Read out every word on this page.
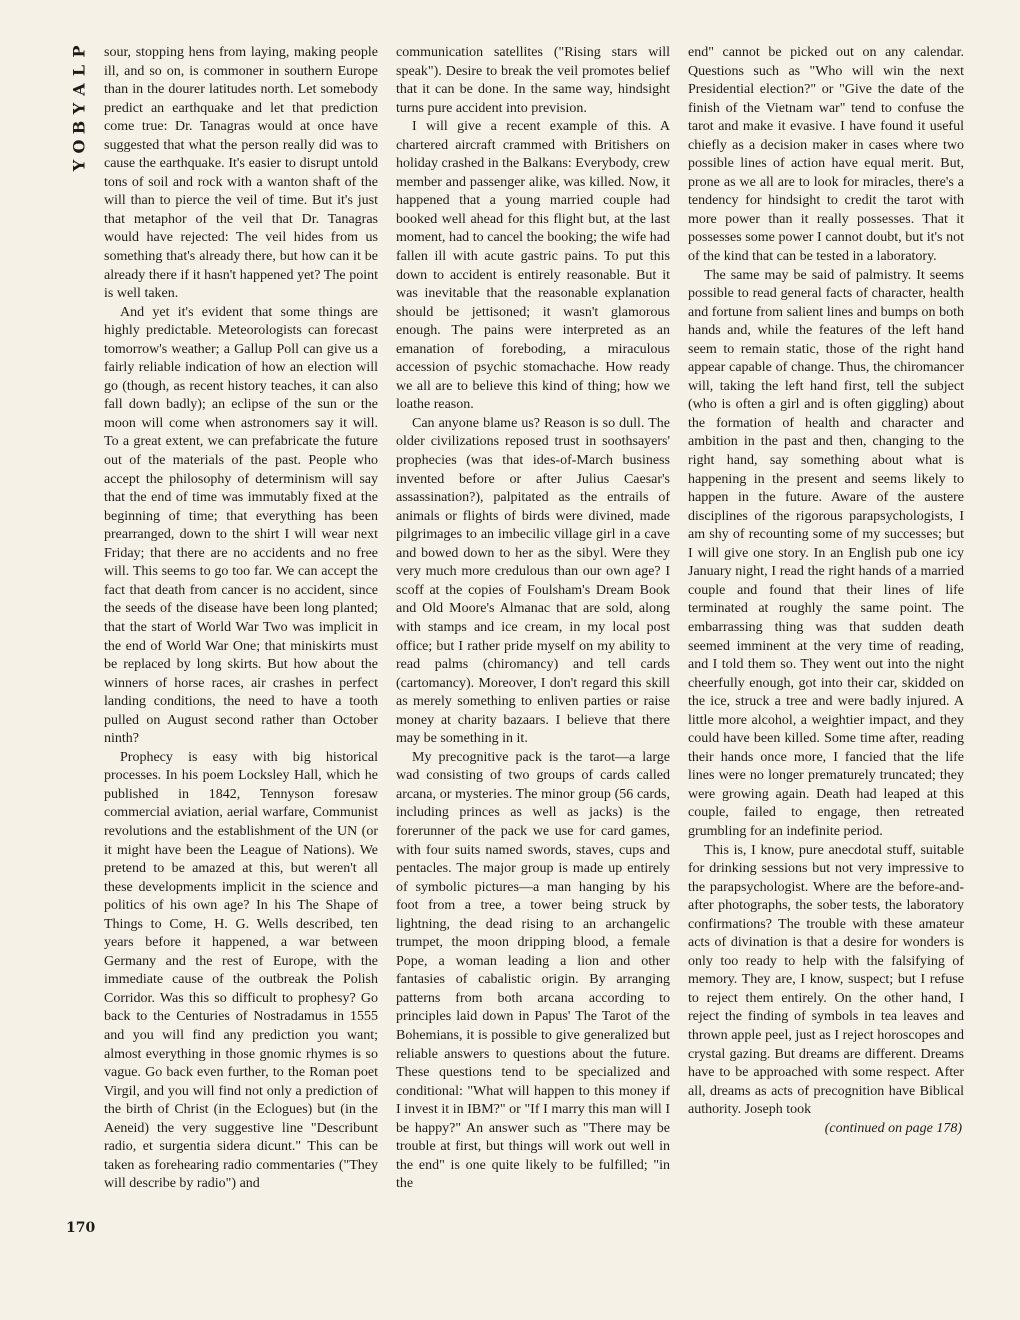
P
L
A
Y
B
O
Y

sour, stopping hens from laying, making people ill, and so on, is commoner in southern Europe than in the dourer latitudes north. Let somebody predict an earthquake and let that prediction come true: Dr. Tanagras would at once have suggested that what the person really did was to cause the earthquake. It's easier to disrupt untold tons of soil and rock with a wanton shaft of the will than to pierce the veil of time. But it's just that metaphor of the veil that Dr. Tanagras would have rejected: The veil hides from us something that's already there, but how can it be already there if it hasn't happened yet? The point is well taken.

And yet it's evident that some things are highly predictable. Meteorologists can forecast tomorrow's weather; a Gallup Poll can give us a fairly reliable indication of how an election will go (though, as recent history teaches, it can also fall down badly); an eclipse of the sun or the moon will come when astronomers say it will. To a great extent, we can prefabricate the future out of the materials of the past. People who accept the philosophy of determinism will say that the end of time was immutably fixed at the beginning of time; that everything has been prearranged, down to the shirt I will wear next Friday; that there are no accidents and no free will. This seems to go too far. We can accept the fact that death from cancer is no accident, since the seeds of the disease have been long planted; that the start of World War Two was implicit in the end of World War One; that miniskirts must be replaced by long skirts. But how about the winners of horse races, air crashes in perfect landing conditions, the need to have a tooth pulled on August second rather than October ninth?

Prophecy is easy with big historical processes. In his poem Locksley Hall, which he published in 1842, Tennyson foresaw commercial aviation, aerial warfare, Communist revolutions and the establishment of the UN (or it might have been the League of Nations). We pretend to be amazed at this, but weren't all these developments implicit in the science and politics of his own age? In his The Shape of Things to Come, H. G. Wells described, ten years before it happened, a war between Germany and the rest of Europe, with the immediate cause of the outbreak the Polish Corridor. Was this so difficult to prophesy? Go back to the Centuries of Nostradamus in 1555 and you will find any prediction you want; almost everything in those gnomic rhymes is so vague. Go back even further, to the Roman poet Virgil, and you will find not only a prediction of the birth of Christ (in the Eclogues) but (in the Aeneid) the very suggestive line "Describunt radio, et surgentia sidera dicunt." This can be taken as forehearing radio commentaries ("They will describe by radio") and

communication satellites ("Rising stars will speak"). Desire to break the veil promotes belief that it can be done. In the same way, hindsight turns pure accident into prevision.

I will give a recent example of this. A chartered aircraft crammed with Britishers on holiday crashed in the Balkans: Everybody, crew member and passenger alike, was killed. Now, it happened that a young married couple had booked well ahead for this flight but, at the last moment, had to cancel the booking; the wife had fallen ill with acute gastric pains. To put this down to accident is entirely reasonable. But it was inevitable that the reasonable explanation should be jettisoned; it wasn't glamorous enough. The pains were interpreted as an emanation of foreboding, a miraculous accession of psychic stomachache. How ready we all are to believe this kind of thing; how we loathe reason.

Can anyone blame us? Reason is so dull. The older civilizations reposed trust in soothsayers' prophecies (was that ides-of-March business invented before or after Julius Caesar's assassination?), palpitated as the entrails of animals or flights of birds were divined, made pilgrimages to an imbecilic village girl in a cave and bowed down to her as the sibyl. Were they very much more credulous than our own age? I scoff at the copies of Foulsham's Dream Book and Old Moore's Almanac that are sold, along with stamps and ice cream, in my local post office; but I rather pride myself on my ability to read palms (chiromancy) and tell cards (cartomancy). Moreover, I don't regard this skill as merely something to enliven parties or raise money at charity bazaars. I believe that there may be something in it.

My precognitive pack is the tarot—a large wad consisting of two groups of cards called arcana, or mysteries. The minor group (56 cards, including princes as well as jacks) is the forerunner of the pack we use for card games, with four suits named swords, staves, cups and pentacles. The major group is made up entirely of symbolic pictures—a man hanging by his foot from a tree, a tower being struck by lightning, the dead rising to an archangelic trumpet, the moon dripping blood, a female Pope, a woman leading a lion and other fantasies of cabalistic origin. By arranging patterns from both arcana according to principles laid down in Papus' The Tarot of the Bohemians, it is possible to give generalized but reliable answers to questions about the future. These questions tend to be specialized and conditional: "What will happen to this money if I invest it in IBM?" or "If I marry this man will I be happy?" An answer such as "There may be trouble at first, but things will work out well in the end" is one quite likely to be fulfilled; "in the

end" cannot be picked out on any calendar. Questions such as "Who will win the next Presidential election?" or "Give the date of the finish of the Vietnam war" tend to confuse the tarot and make it evasive. I have found it useful chiefly as a decision maker in cases where two possible lines of action have equal merit. But, prone as we all are to look for miracles, there's a tendency for hindsight to credit the tarot with more power than it really possesses. That it possesses some power I cannot doubt, but it's not of the kind that can be tested in a laboratory.

The same may be said of palmistry. It seems possible to read general facts of character, health and fortune from salient lines and bumps on both hands and, while the features of the left hand seem to remain static, those of the right hand appear capable of change. Thus, the chiromancer will, taking the left hand first, tell the subject (who is often a girl and is often giggling) about the formation of health and character and ambition in the past and then, changing to the right hand, say something about what is happening in the present and seems likely to happen in the future. Aware of the austere disciplines of the rigorous parapsychologists, I am shy of recounting some of my successes; but I will give one story. In an English pub one icy January night, I read the right hands of a married couple and found that their lines of life terminated at roughly the same point. The embarrassing thing was that sudden death seemed imminent at the very time of reading, and I told them so. They went out into the night cheerfully enough, got into their car, skidded on the ice, struck a tree and were badly injured. A little more alcohol, a weightier impact, and they could have been killed. Some time after, reading their hands once more, I fancied that the life lines were no longer prematurely truncated; they were growing again. Death had leaped at this couple, failed to engage, then retreated grumbling for an indefinite period.

This is, I know, pure anecdotal stuff, suitable for drinking sessions but not very impressive to the parapsychologist. Where are the before-and-after photographs, the sober tests, the laboratory confirmations? The trouble with these amateur acts of divination is that a desire for wonders is only too ready to help with the falsifying of memory. They are, I know, suspect; but I refuse to reject them entirely. On the other hand, I reject the finding of symbols in tea leaves and thrown apple peel, just as I reject horoscopes and crystal gazing. But dreams are different. Dreams have to be approached with some respect. After all, dreams as acts of precognition have Biblical authority. Joseph took

(continued on page 178)

170
